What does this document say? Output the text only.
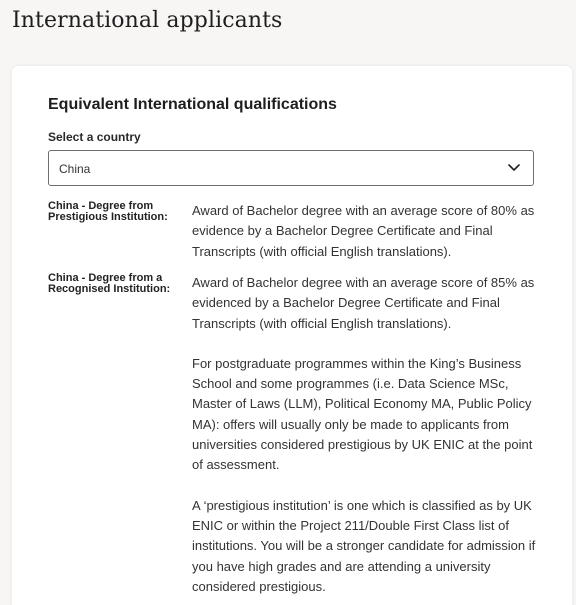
International applicants
Equivalent International qualifications
Select a country
China
China - Degree from Prestigious Institution:	Award of Bachelor degree with an average score of 80% as evidence by a Bachelor Degree Certificate and Final Transcripts (with official English translations).

China - Degree from a Recognised Institution:	Award of Bachelor degree with an average score of 85% as evidenced by a Bachelor Degree Certificate and Final Transcripts (with official English translations).

For postgraduate programmes within the King’s Business School and some programmes (i.e. Data Science MSc, Master of Laws (LLM), Political Economy MA, Public Policy MA): offers will usually only be made to applicants from universities considered prestigious by UK ENIC at the point of assessment.

A ‘prestigious institution’ is one which is classified as by UK ENIC or within the Project 211/Double First Class list of institutions. You will be a stronger candidate for admission if you have high grades and are attending a university considered prestigious.
